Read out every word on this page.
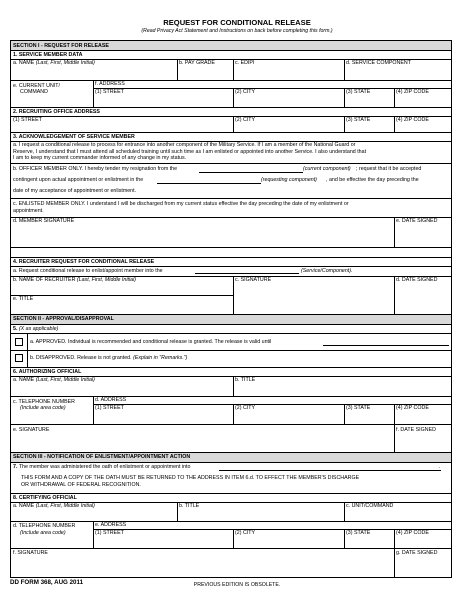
REQUEST FOR CONDITIONAL RELEASE
(Read Privacy Act Statement and Instructions on back before completing this form.)
SECTION I - REQUEST FOR RELEASE
1. SERVICE MEMBER DATA
a. NAME (Last, First, Middle Initial)	b. PAY GRADE	c. EDIPI	d. SERVICE COMPONENT
e. CURRENT UNIT/
COMMAND
f. ADDRESS
(1) STREET	(2) CITY	(3) STATE	(4) ZIP CODE
2. RECRUITING OFFICE ADDRESS
(1) STREET	(2) CITY	(3) STATE	(4) ZIP CODE
3. ACKNOWLEDGEMENT OF SERVICE MEMBER
a. I request a conditional release to process for entrance into another component of the Military Service. If I am a member of the National Guard or
Reserve, I understand that I must attend all scheduled training until such time as I am enlisted or appointed into another Service. I also understand that
I am to keep my current commander informed of any change in my status.
b. OFFICER MEMBER ONLY. I hereby tender my resignation from the	(current component) ; request that it be accepted
contingent upon actual appointment or enlistment in the	(requesting component) , and be effective the day preceding the
date of my acceptance of appointment or enlistment.
c. ENLISTED MEMBER ONLY. I understand I will be discharged from my current status effective the day preceding the date of my enlistment or
appointment.
d. MEMBER SIGNATURE	e. DATE SIGNED
4. RECRUITER REQUEST FOR CONDITIONAL RELEASE
a. Request conditional release to enlist/appoint member into the	(Service/Component).
b. NAME OF RECRUITER (Last, First, Middle Initial)
e. TITLE
c. SIGNATURE	d. DATE SIGNED
SECTION II - APPROVAL/DISAPPROVAL
5. (X as applicable)
a. APPROVED. Individual is recommended and conditional release is granted. The release is valid until
b. DISAPPROVED. Release is not granted. (Explain in "Remarks.")
6. AUTHORIZING OFFICIAL
a. NAME (Last, First, Middle Initial)	b. TITLE
c. TELEPHONE NUMBER
(Include area code)
d. ADDRESS
(1) STREET	(2) CITY	(3) STATE	(4) ZIP CODE
e. SIGNATURE	f. DATE SIGNED
SECTION III - NOTIFICATION OF ENLISTMENT/APPOINTMENT ACTION
7. The member was administered the oath of enlistment or appointment into	.
THIS FORM AND A COPY OF THE OATH MUST BE RETURNED TO THE ADDRESS IN ITEM 6.d. TO EFFECT THE MEMBER'S DISCHARGE
OR WITHDRAWAL OF FEDERAL RECOGNITION.
8. CERTIFYING OFFICIAL
a. NAME (Last, First, Middle Initial)	b. TITLE	c. UNIT/COMMAND
d. TELEPHONE NUMBER
(Include area code)
e. ADDRESS
(1) STREET	(2) CITY	(3) STATE	(4) ZIP CODE
f. SIGNATURE	g. DATE SIGNED
DD FORM 368, AUG 2011	PREVIOUS EDITION IS OBSOLETE.
